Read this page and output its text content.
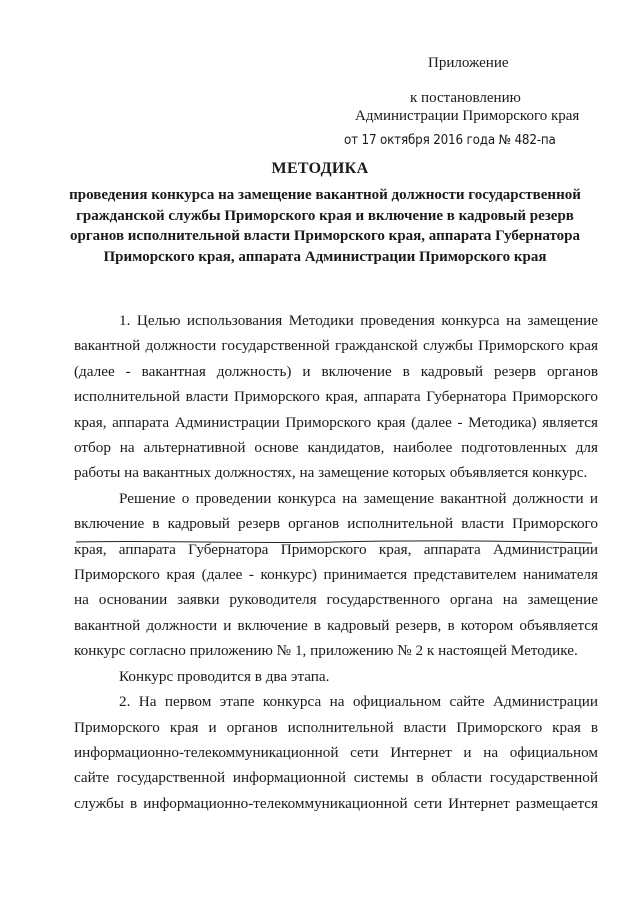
Приложение
к постановлению
Администрации Приморского края
от 17 октября 2016 года № 482-па
МЕТОДИКА
проведения конкурса на замещение вакантной должности государственной
гражданской службы Приморского края и включение в кадровый резерв
органов исполнительной власти Приморского края, аппарата Губернатора
Приморского края, аппарата Администрации Приморского края

1. Целью использования Методики проведения конкурса на замещение

вакантной должности государственной гражданской службы Приморского края

(далее - вакантная должность) и включение в кадровый резерв органов

исполнительной власти Приморского края, аппарата Губернатора Приморского

края, аппарата Администрации Приморского края (далее - Методика) является

отбор на альтернативной основе кандидатов, наиболее подготовленных для

работы на вакантных должностях, на замещение которых объявляется конкурс.

Решение о проведении конкурса на замещение вакантной должности и

включение в кадровый резерв органов исполнительной власти Приморского

края, аппарата Губернатора Приморского края, аппарата Администрации

Приморского края (далее - конкурс) принимается представителем нанимателя

на основании заявки руководителя государственного органа на замещение

вакантной должности и включение в кадровый резерв, в котором объявляется

конкурс согласно приложению № 1, приложению № 2 к настоящей Методике.

Конкурс проводится в два этапа.

2. На первом этапе конкурса на официальном сайте Администрации

Приморского края и органов исполнительной власти Приморского края в

информационно-телекоммуникационной сети Интернет и на официальном

сайте государственной информационной системы в области государственной

службы в информационно-телекоммуникационной сети Интернет размещается
